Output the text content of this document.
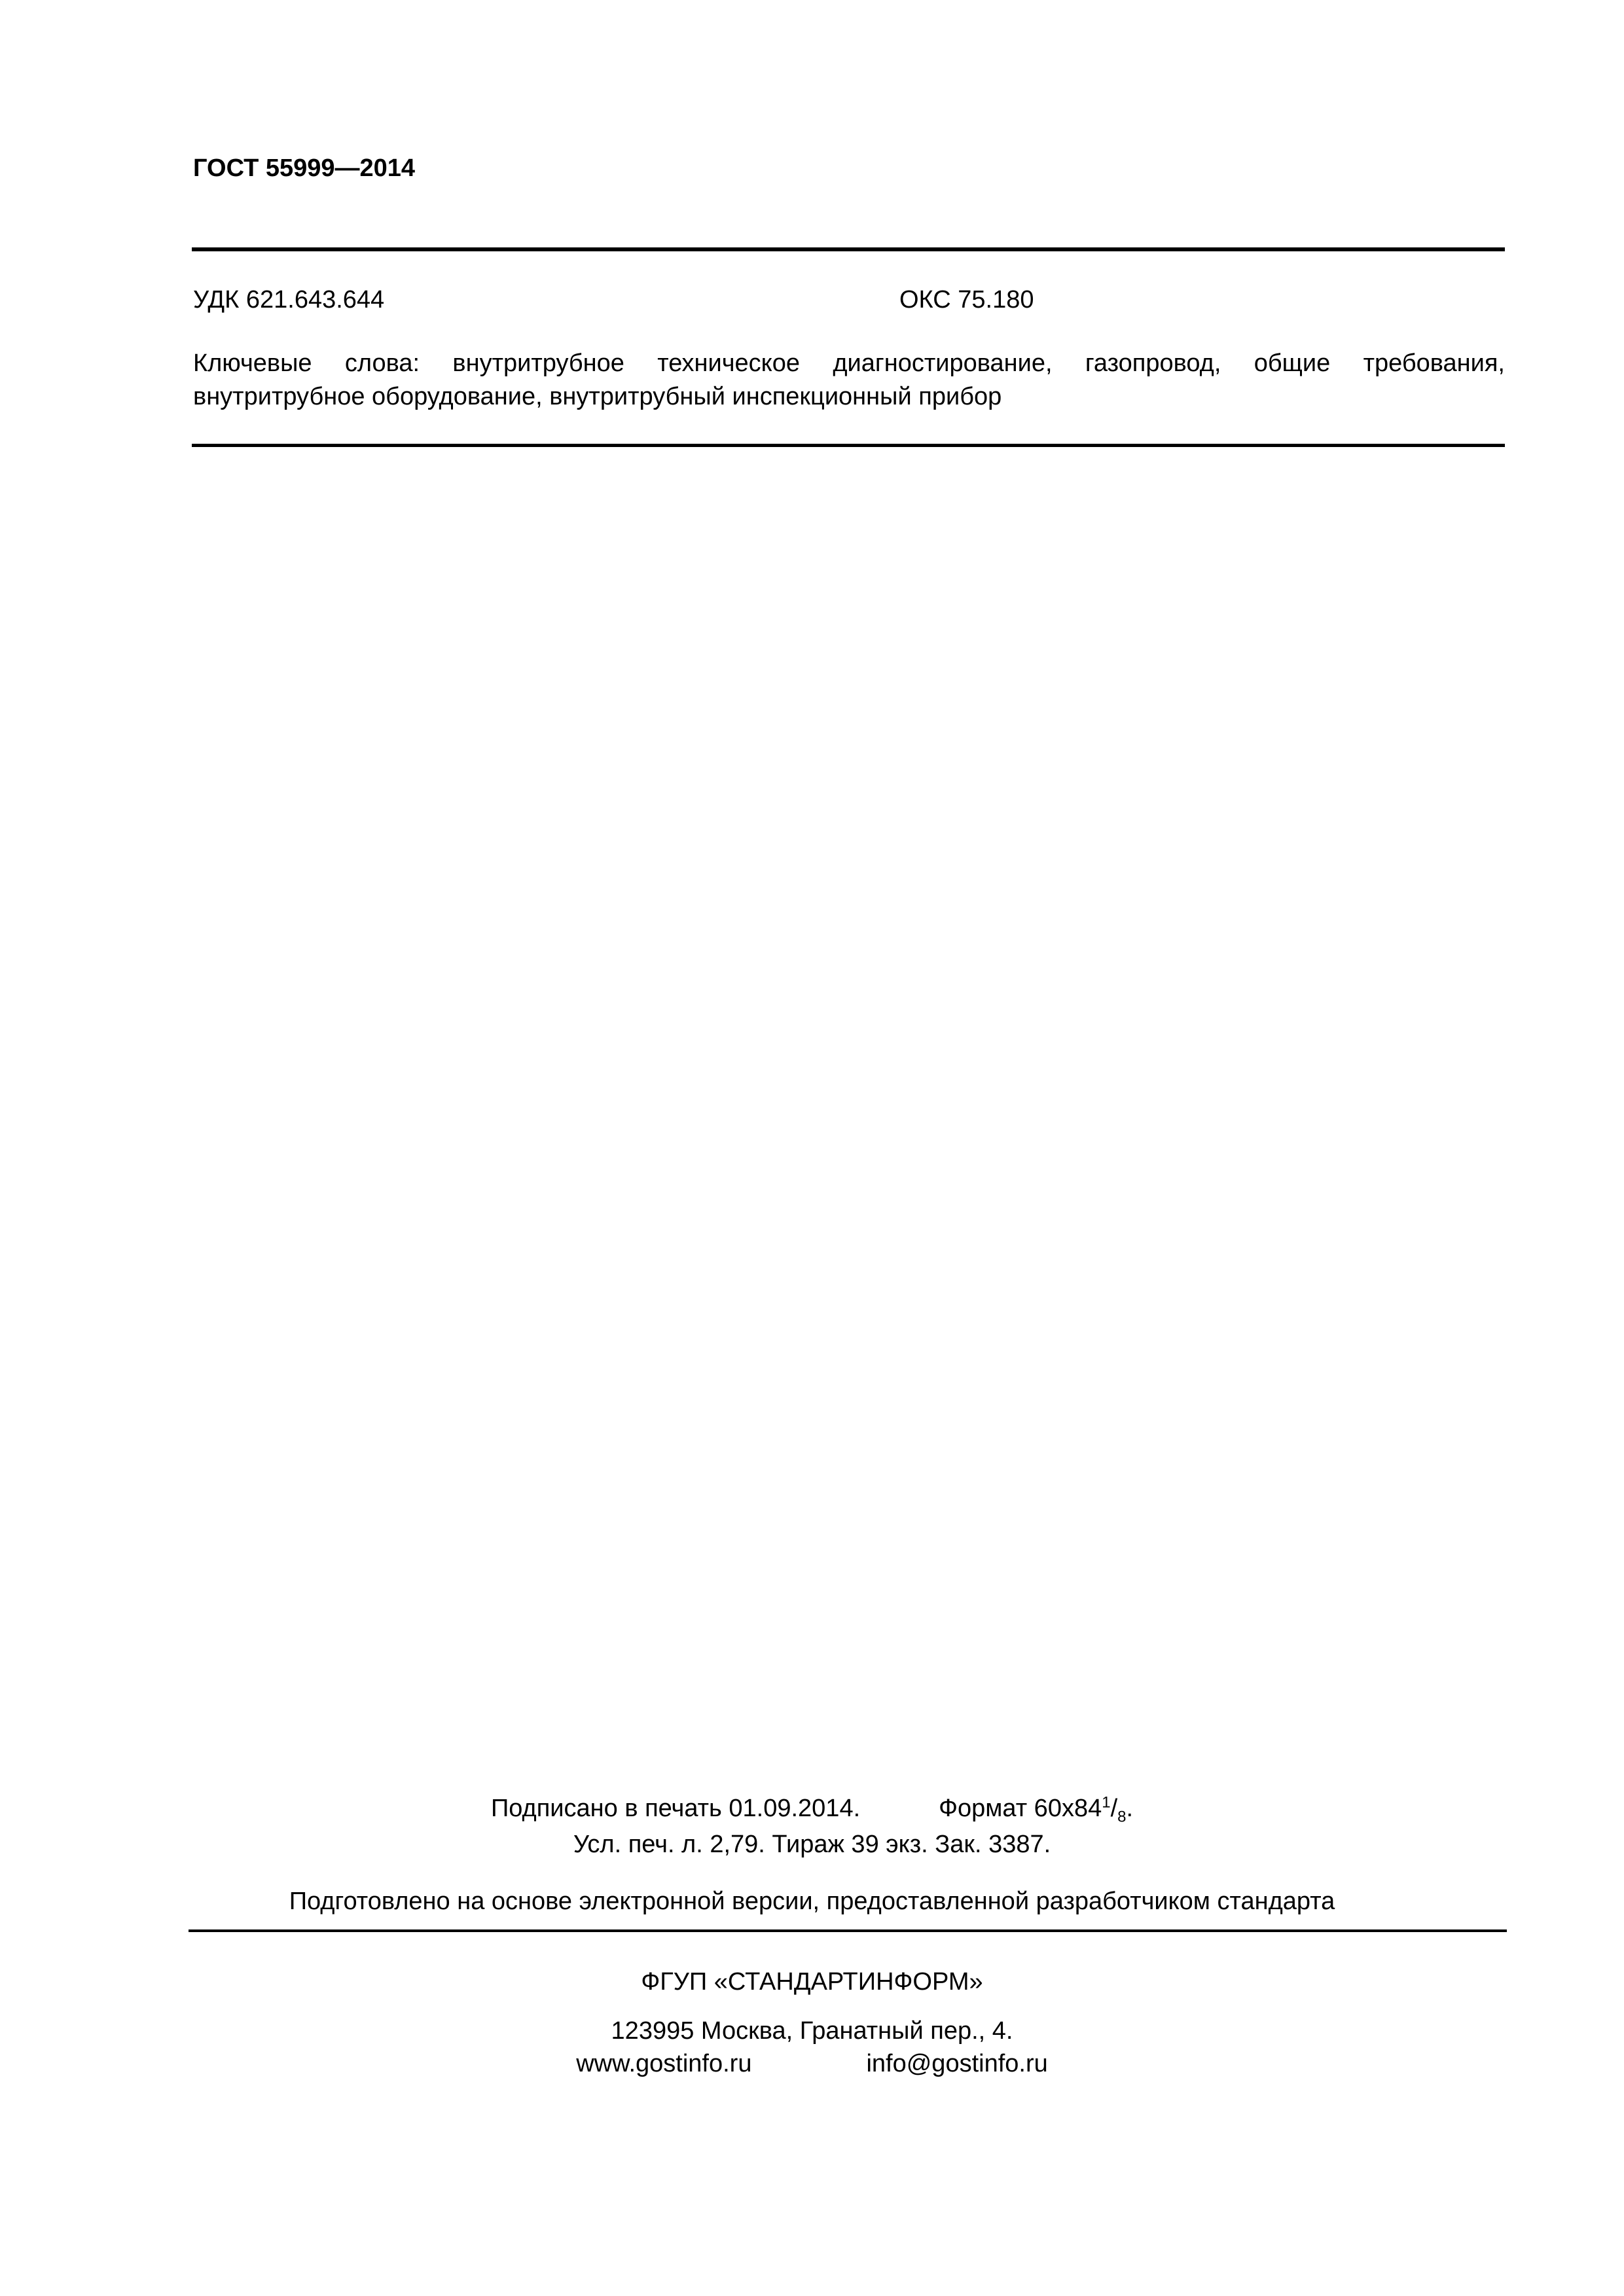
ГОСТ 55999—2014
УДК 621.643.644	ОКС 75.180
Ключевые слова: внутритрубное техническое диагностирование, газопровод, общие требования,
внутритрубное оборудование, внутритрубный инспекционный прибор
Подписано в печать 01.09.2014.	Формат $60x84^1/_8$.
Усл. печ. л. 2,79. Тираж 39 экз. Зак. 3387.
Подготовлено на основе электронной версии, предоставленной разработчиком стандарта
ФГУП «СТАНДАРТИНФОРМ»
123995 Москва, Гранатный пер., 4.
www.gostinfo.ru	info@gostinfo.ru
